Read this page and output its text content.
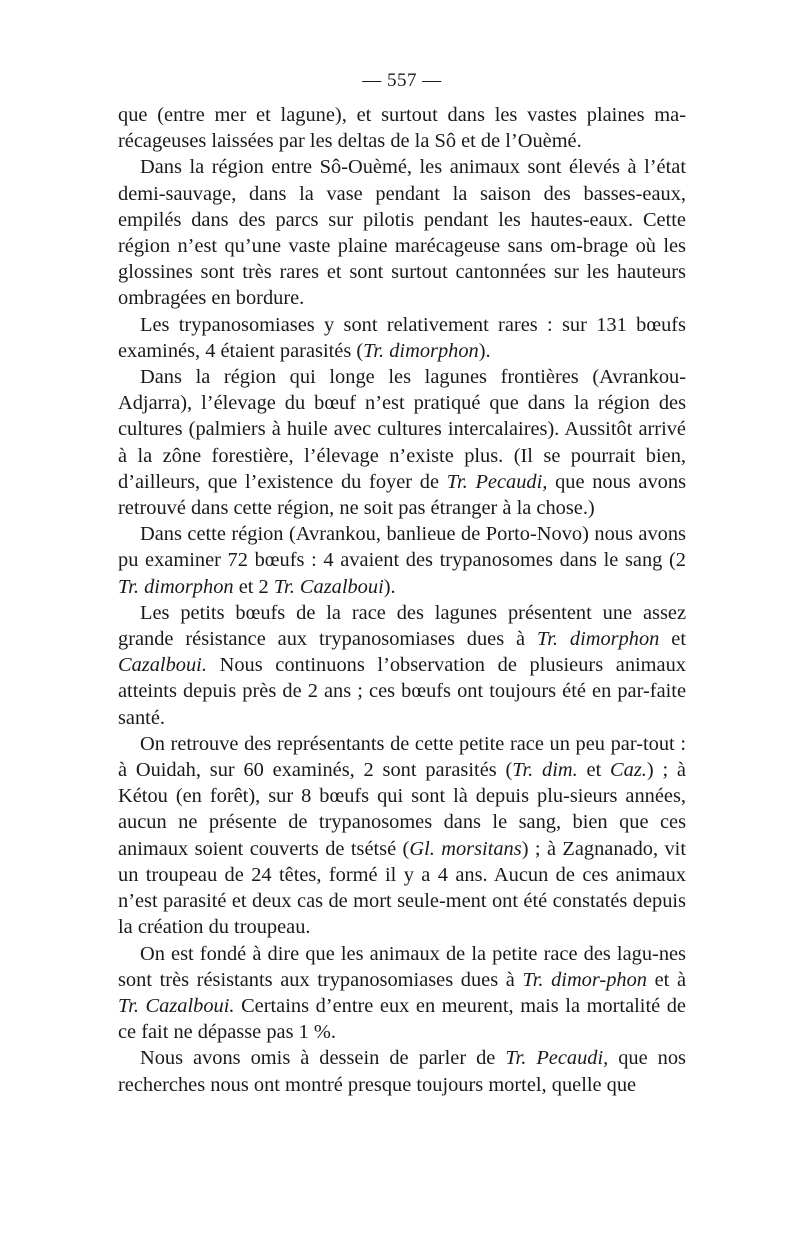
— 557 —

que (entre mer et lagune), et surtout dans les vastes plaines ma- récageuses laissées par les deltas de la Sô et de l’Ouèmé.

Dans la région entre Sô-Ouèmé, les animaux sont élevés à l’état demi-sauvage, dans la vase pendant la saison des basses-eaux, empilés dans des parcs sur pilotis pendant les hautes-eaux. Cette région n’est qu’une vaste plaine marécageuse sans om-brage où les glossines sont très rares et sont surtout cantonnées sur les hauteurs ombragées en bordure.

Les trypanosomiases y sont relativement rares : sur 131 bœufs examinés, 4 étaient parasités (Tr. dimorphon).

Dans la région qui longe les lagunes frontières (Avrankou-Adjarra), l’élevage du bœuf n’est pratiqué que dans la région des cultures (palmiers à huile avec cultures intercalaires). Aussitôt arrivé à la zône forestière, l’élevage n’existe plus. (Il se pourrait bien, d’ailleurs, que l’existence du foyer de Tr. Pecaudi, que nous avons retrouvé dans cette région, ne soit pas étranger à la chose.)

Dans cette région (Avrankou, banlieue de Porto-Novo) nous avons pu examiner 72 bœufs : 4 avaient des trypanosomes dans le sang (2 Tr. dimorphon et 2 Tr. Cazalboui).

Les petits bœufs de la race des lagunes présentent une assez grande résistance aux trypanosomiases dues à Tr. dimorphon et Cazalboui. Nous continuons l’observation de plusieurs animaux atteints depuis près de 2 ans ; ces bœufs ont toujours été en par-faite santé.

On retrouve des représentants de cette petite race un peu par-tout : à Ouidah, sur 60 examinés, 2 sont parasités (Tr. dim. et Caz.) ; à Kétou (en forêt), sur 8 bœufs qui sont là depuis plu-sieurs années, aucun ne présente de trypanosomes dans le sang, bien que ces animaux soient couverts de tsétsé (Gl. morsitans) ; à Zagnanado, vit un troupeau de 24 têtes, formé il y a 4 ans. Aucun de ces animaux n’est parasité et deux cas de mort seule-ment ont été constatés depuis la création du troupeau.

On est fondé à dire que les animaux de la petite race des lagu-nes sont très résistants aux trypanosomiases dues à Tr. dimor-phon et à Tr. Cazalboui. Certains d’entre eux en meurent, mais la mortalité de ce fait ne dépasse pas 1 %.

Nous avons omis à dessein de parler de Tr. Pecaudi, que nos recherches nous ont montré presque toujours mortel, quelle que
